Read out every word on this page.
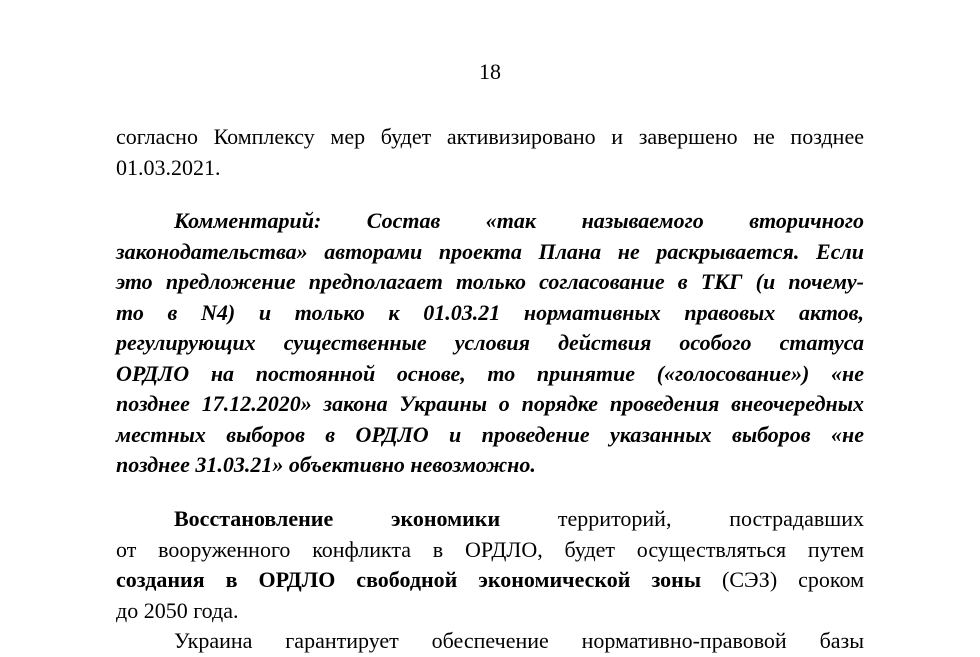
18
согласно Комплексу мер будет активизировано и завершено не позднее
01.03.2021.
Комментарий: Состав «так называемого вторичного
законодательства» авторами проекта Плана не раскрывается. Если
это предложение предполагает только согласование в ТКГ (и почему-
то в N4) и только к 01.03.21 нормативных правовых актов,
регулирующих существенные условия действия особого статуса
ОРДЛО на постоянной основе, то принятие («голосование») «не
позднее 17.12.2020» закона Украины о порядке проведения внеочередных
местных выборов в ОРДЛО и проведение указанных выборов «не
позднее 31.03.21» объективно невозможно.
Восстановление экономики территорий, пострадавших
от вооруженного конфликта в ОРДЛО, будет осуществляться путем
создания в ОРДЛО свободной экономической зоны (СЭЗ) сроком
до 2050 года.
Украина гарантирует обеспечение нормативно-правовой базы
